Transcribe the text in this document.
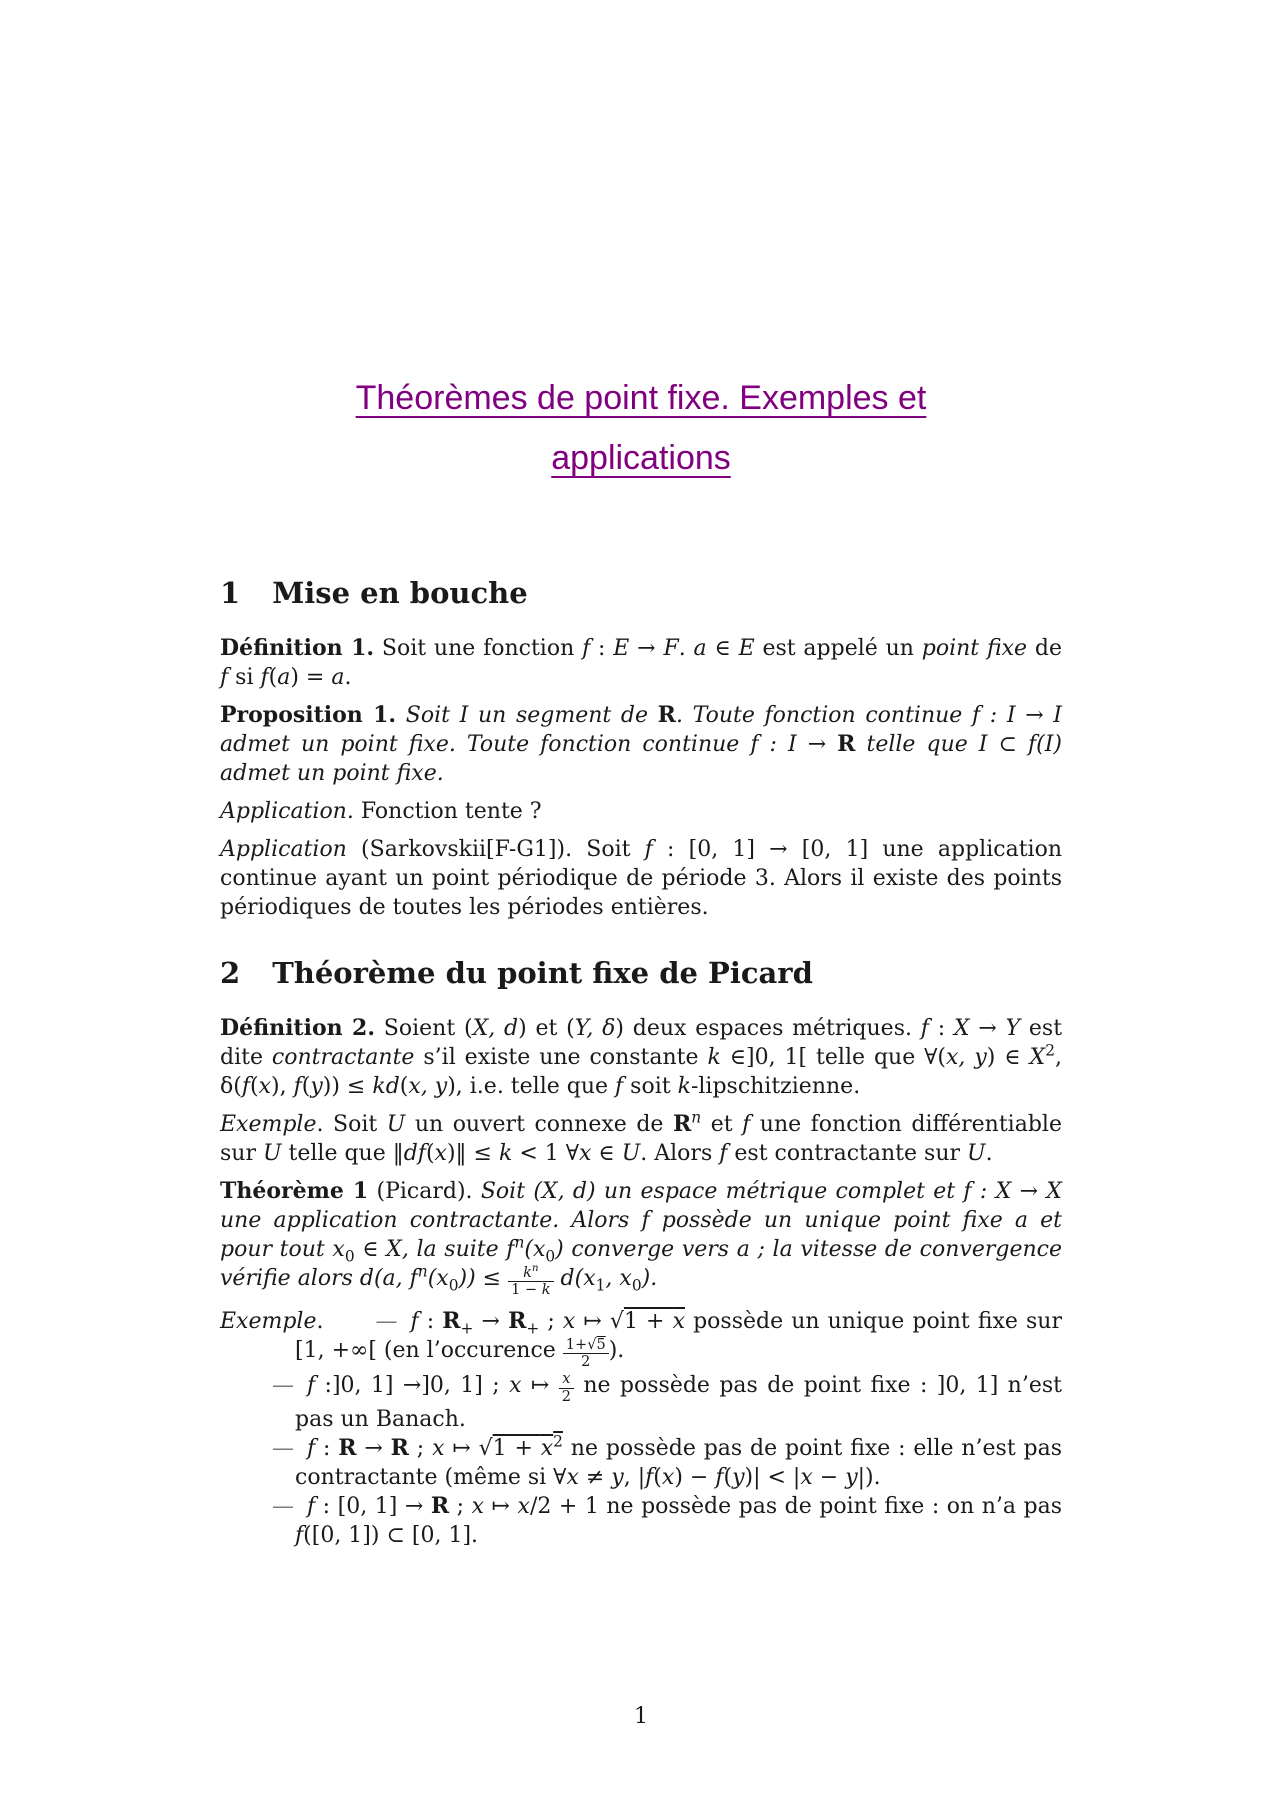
Théorèmes de point fixe. Exemples et
applications
1 Mise en bouche
Définition 1. Soit une fonction f : E → F. a ∈ E est appelé un point fixe de f si f(a) = a.
Proposition 1. Soit I un segment de R. Toute fonction continue f : I → I admet un point fixe. Toute fonction continue f : I → R telle que I ⊂ f(I) admet un point fixe.
Application. Fonction tente ?
Application (Sarkovskii[F-G1]). Soit f : [0, 1] → [0, 1] une application continue ayant un point périodique de période 3. Alors il existe des points périodiques de toutes les périodes entières.
2 Théorème du point fixe de Picard
Définition 2. Soient (X, d) et (Y, δ) deux espaces métriques. f : X → Y est dite contractante s’il existe une constante k ∈]0, 1[ telle que ∀(x, y) ∈ $X^2$, δ(f(x), f(y)) ≤ kd(x, y), i.e. telle que f soit k-lipschitzienne.
Exemple. Soit U un ouvert connexe de $R^n$ et f une fonction différentiable sur U telle que ‖df(x)‖ ≤ k < 1 ∀x ∈ U. Alors f est contractante sur U.
Théorème 1 (Picard). Soit (X, d) un espace métrique complet et f : X → X une application contractante. Alors f possède un unique point fixe a et pour tout $x_0$ ∈ X, la suite $f^n(x_0)$ converge vers a ; la vitesse de convergence vérifie alors d(a, $f^n(x_0)) \le \frac{k^n}{1 - k} d(x_1$, $x_0$).
Exemple. — f : $R_+ \to R_+$ ; x ↦ √1 + x possède un unique point fixe sur [1, +∞[ (en l’occurence $\frac{1+√5}{2}$ ).
— f :]0, 1] →]0, 1] ; x ↦ $\frac{x}{2}$ ne possède pas de point fixe : ]0, 1] n’est pas un Banach.
— f : R → R ; x ↦ $√1 + x^2$ ne possède pas de point fixe : elle n’est pas contractante (même si ∀x ≠ y, |f(x) − f(y)| < |x − y|).
— f : [0, 1] → R ; x ↦ x/2 + 1 ne possède pas de point fixe : on n’a pas f([0, 1]) ⊂ [0, 1].
1
